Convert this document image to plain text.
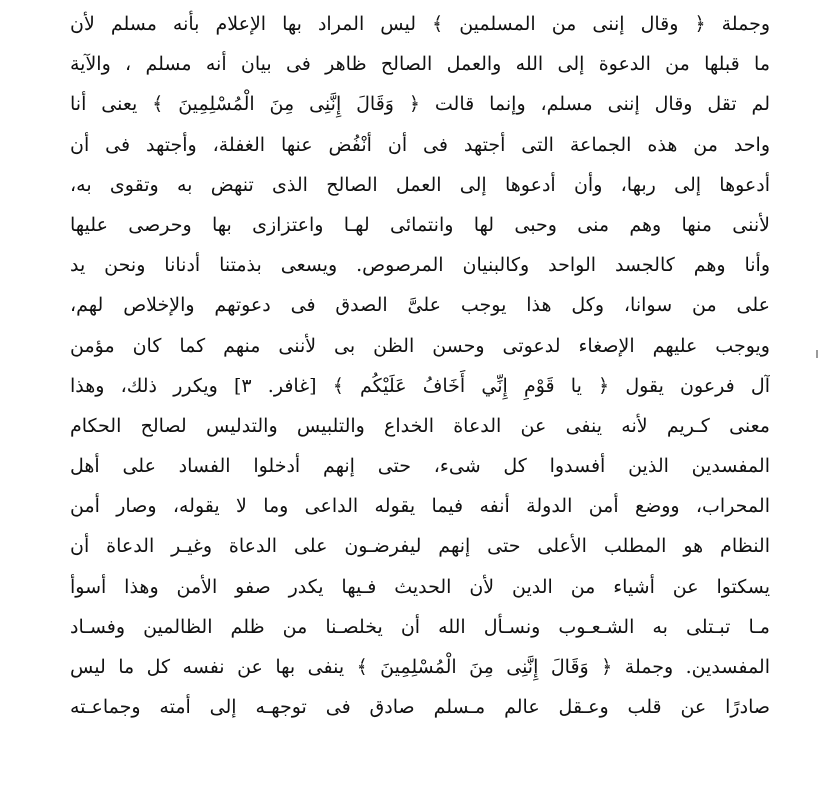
وجملة ﴿ وقال إننى من المسلمين ﴾ ليس المراد بها الإعلام بأنه مسلم لأن
ما قبلها من الدعوة إلى الله والعمل الصالح ظاهر فى بيان أنه مسلم ، والآية
لم تقل وقال إننى مسلم، وإنما قالت ﴿ وَقَالَ إِنَّنِى مِنَ الْمُسْلِمِينَ ﴾ يعنى أنا
واحد من هذه الجماعة التى أجتهد فى أن أنْفُض عنها الغفلة، وأجتهد فى أن
أدعوها إلى ربها، وأن أدعوها إلى العمل الصالح الذى تنهض به وتقوى به،
لأننى منها وهم منى وحبى لها وانتمائى لهـا واعتزازى بها وحرصى عليها
وأنا وهم كالجسد الواحد وكالبنيان المرصوص. ويسعى بذمتنا أدنانا ونحن يد
على من سوانا، وكل هذا يوجب علىَّ الصدق فى دعوتهم والإخلاص لهم،
ويوجب عليهم الإصغاء لدعوتى وحسن الظن بى لأننى منهم كما كان مؤمن
آل فرعون يقول ﴿ يا قَوْمِ إِنِّي أَخَافُ عَلَيْكُم ﴾ [غافر. ٣] ويكرر ذلك، وهذا
معنى كـريم لأنه ينفى عن الدعاة الخداع والتلبيس والتدليس لصالح الحكام
المفسدين الذين أفسدوا كل شىء، حتى إنهم أدخلوا الفساد على أهل
المحراب، ووضع أمن الدولة أنفه فيما يقوله الداعى وما لا يقوله، وصار أمن
النظام هو المطلب الأعلى حتى إنهم ليفرضـون على الدعاة وغيـر الدعاة أن
يسكتوا عن أشياء من الدين لأن الحديث فـيها يكدر صفو الأمن وهذا أسوأ
مـا تبـتلى به الشـعـوب ونسـأل الله أن يخلصـنا من ظلم الظالمين وفسـاد
المفسدين. وجملة ﴿ وَقَالَ إِنَّنِى مِنَ الْمُسْلِمِينَ ﴾ ينفى بها عن نفسه كل ما ليس
صادرًا عن قلب وعـقل عالم مـسلم صادق فى توجهـه إلى أمته وجماعـته
